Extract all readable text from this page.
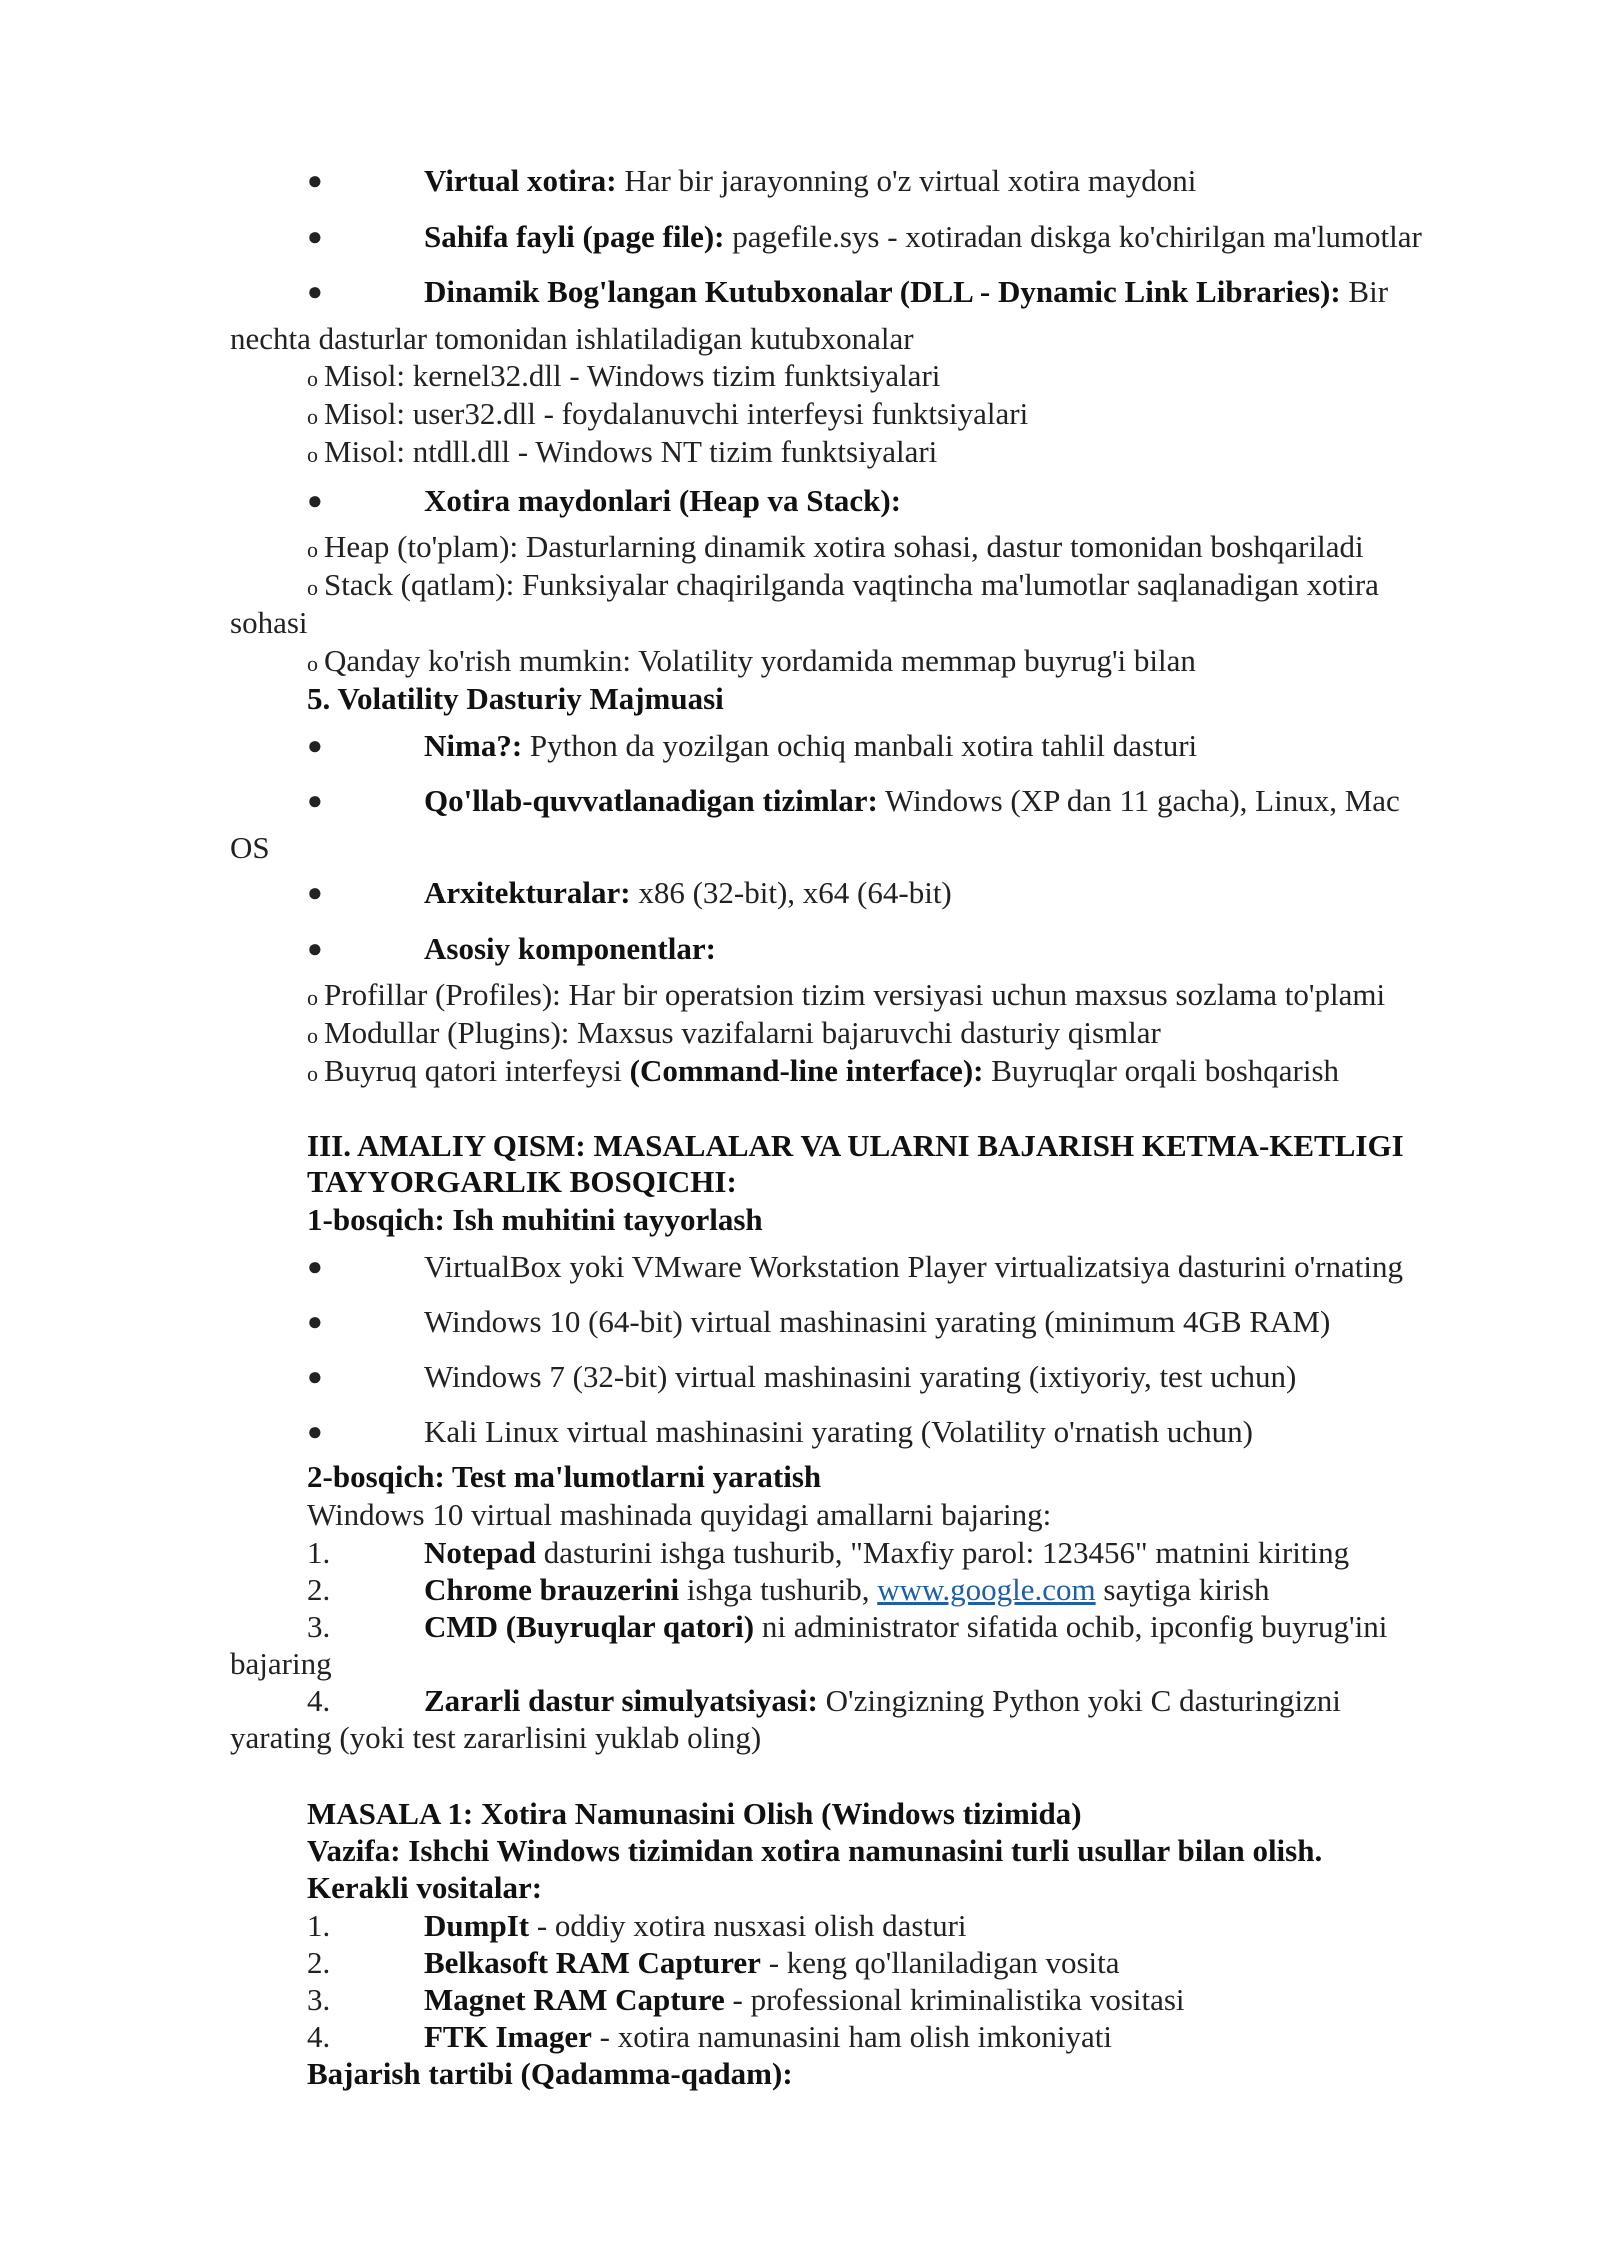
●	Virtual xotira: Har bir jarayonning o'z virtual xotira maydoni
●	Sahifa fayli (page file): pagefile.sys - xotiradan diskga ko'chirilgan ma'lumotlar
●	Dinamik Bog'langan Kutubxonalar (DLL - Dynamic Link Libraries): Bir
nechta dasturlar tomonidan ishlatiladigan kutubxonalar
o Misol: kernel32.dll - Windows tizim funktsiyalari
o Misol: user32.dll - foydalanuvchi interfeysi funktsiyalari
o Misol: ntdll.dll - Windows NT tizim funktsiyalari
●	Xotira maydonlari (Heap va Stack):
o Heap (to'plam): Dasturlarning dinamik xotira sohasi, dastur tomonidan boshqariladi
o Stack (qatlam): Funksiyalar chaqirilganda vaqtincha ma'lumotlar saqlanadigan xotira
sohasi
o Qanday ko'rish mumkin: Volatility yordamida memmap buyrug'i bilan
5. Volatility Dasturiy Majmuasi
●	Nima?: Python da yozilgan ochiq manbali xotira tahlil dasturi
●	Qo'llab-quvvatlanadigan tizimlar: Windows (XP dan 11 gacha), Linux, Mac
OS
●	Arxitekturalar: x86 (32-bit), x64 (64-bit)
●	Asosiy komponentlar:
o Profillar (Profiles): Har bir operatsion tizim versiyasi uchun maxsus sozlama to'plami
o Modullar (Plugins): Maxsus vazifalarni bajaruvchi dasturiy qismlar
o Buyruq qatori interfeysi (Command-line interface): Buyruqlar orqali boshqarish
III. AMALIY QISM: MASALALAR VA ULARNI BAJARISH KETMA-KETLIGI
TAYYORGARLIK BOSQICHI:
1-bosqich: Ish muhitini tayyorlash
●	VirtualBox yoki VMware Workstation Player virtualizatsiya dasturini o'rnating
●	Windows 10 (64-bit) virtual mashinasini yarating (minimum 4GB RAM)
●	Windows 7 (32-bit) virtual mashinasini yarating (ixtiyoriy, test uchun)
●	Kali Linux virtual mashinasini yarating (Volatility o'rnatish uchun)
2-bosqich: Test ma'lumotlarni yaratish
Windows 10 virtual mashinada quyidagi amallarni bajaring:
1.	Notepad dasturini ishga tushurib, "Maxfiy parol: 123456" matnini kiriting
2.	Chrome brauzerini ishga tushurib, www.google.com saytiga kirish
3.	CMD (Buyruqlar qatori) ni administrator sifatida ochib, ipconfig buyrug'ini
bajaring
4.	Zararli dastur simulyatsiyasi: O'zingizning Python yoki C dasturingizni
yarating (yoki test zararlisini yuklab oling)
MASALA 1: Xotira Namunasini Olish (Windows tizimida)
Vazifa: Ishchi Windows tizimidan xotira namunasini turli usullar bilan olish.
Kerakli vositalar:
1.	DumpIt - oddiy xotira nusxasi olish dasturi
2.	Belkasoft RAM Capturer - keng qo'llaniladigan vosita
3.	Magnet RAM Capture - professional kriminalistika vositasi
4.	FTK Imager - xotira namunasini ham olish imkoniyati
Bajarish tartibi (Qadamma-qadam):
